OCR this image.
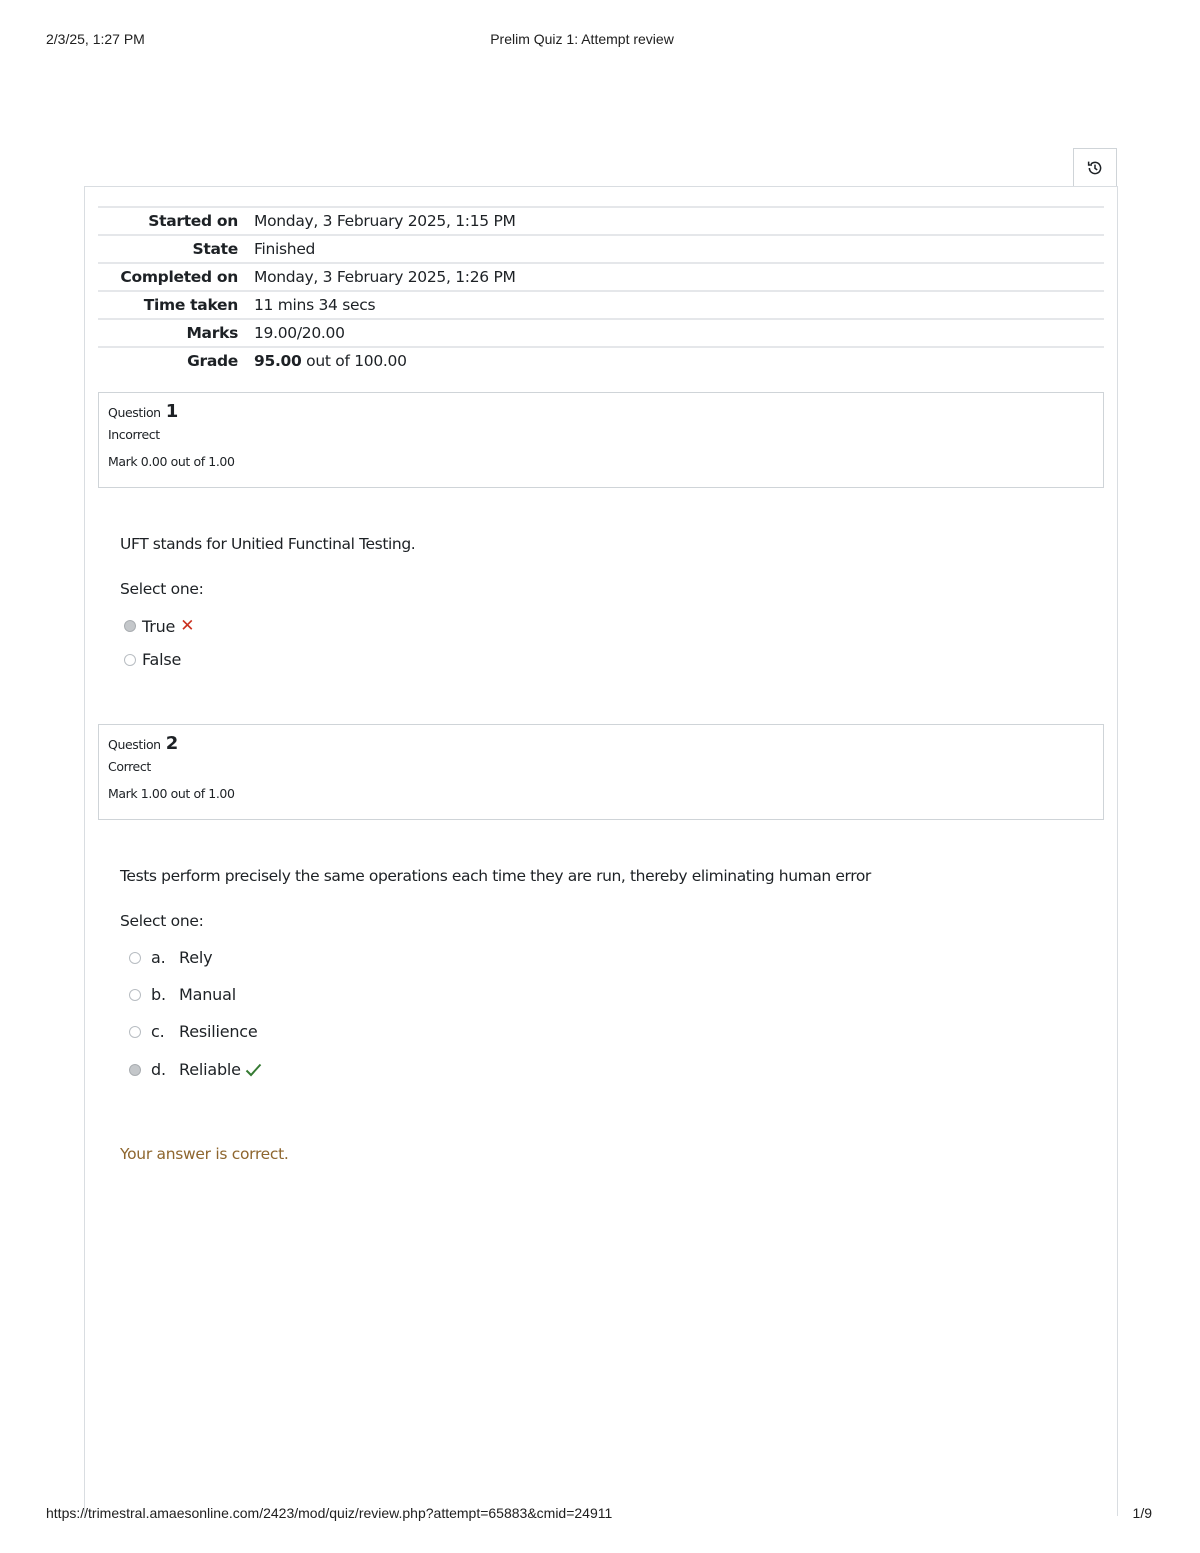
2/3/25, 1:27 PM	Prelim Quiz 1: Attempt review
Started on	Monday, 3 February 2025, 1:15 PM
State	Finished
Completed on	Monday, 3 February 2025, 1:26 PM
Time taken	11 mins 34 secs
Marks	19.00/20.00
Grade	95.00 out of 100.00
Question 1
Incorrect
Mark 0.00 out of 1.00
UFT stands for Unitied Functinal Testing.
Select one:
True ✕
False
Question 2
Correct
Mark 1.00 out of 1.00
Tests perform precisely the same operations each time they are run, thereby eliminating human error
Select one:
a. Rely
b. Manual
c. Resilience
d. Reliable
Your answer is correct.
https://trimestral.amaesonline.com/2423/mod/quiz/review.php?attempt=65883&cmid=24911	1/9
